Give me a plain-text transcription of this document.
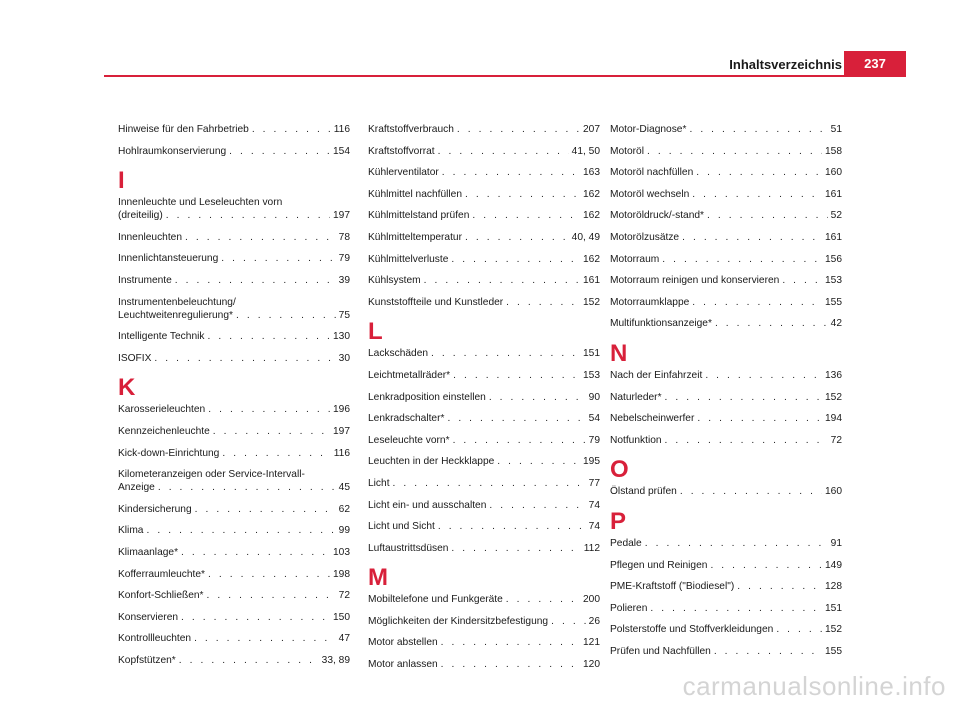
Inhaltsverzeichnis	237
Hinweise für den Fahrbetrieb . . .	116
Hohlraumkonservierung . . .	154
I
Innenleuchte und Leseleuchten vorn
(dreiteilig) . . .	197
Innenleuchten . . .	78
Innenlichtansteuerung . . .	79
Instrumente . . .	39
Instrumentenbeleuchtung/
Leuchtweitenregulierung* . . .	75
Intelligente Technik . . .	130
ISOFIX . . .	30
K
Karosserieleuchten . . .	196
Kennzeichenleuchte . . .	197
Kick-down-Einrichtung . . .	116
Kilometeranzeigen oder Service-Intervall-
Anzeige . . .	45
Kindersicherung . . .	62
Klima . . .	99
Klimaanlage* . . .	103
Kofferraumleuchte* . . .	198
Konfort-Schließen* . . .	72
Konservieren . . .	150
Kontrollleuchten . . .	47
Kopfstützen* . . .	33, 89
Kraftstoffverbrauch . . .	207
Kraftstoffvorrat . . .	41, 50
Kühlerventilator . . .	163
Kühlmittel nachfüllen . . .	162
Kühlmittelstand prüfen . . .	162
Kühlmitteltemperatur . . .	40, 49
Kühlmittelverluste . . .	162
Kühlsystem . . .	161
Kunststoffteile und Kunstleder . . .	152
L
Lackschäden . . .	151
Leichtmetallräder* . . .	153
Lenkradposition einstellen . . .	90
Lenkradschalter* . . .	54
Leseleuchte vorn* . . .	79
Leuchten in der Heckklappe . . .	195
Licht . . .	77
Licht ein- und ausschalten . . .	74
Licht und Sicht . . .	74
Luftaustrittsdüsen . . .	112
M
Mobiltelefone und Funkgeräte . . .	200
Möglichkeiten der Kindersitzbefestigung . . .	26
Motor abstellen . . .	121
Motor anlassen . . .	120
Motor-Diagnose* . . .	51
Motoröl . . .	158
Motoröl nachfüllen . . .	160
Motoröl wechseln . . .	161
Motoröldruck/-stand* . . .	52
Motorölzusätze . . .	161
Motorraum . . .	156
Motorraum reinigen und konservieren . . .	153
Motorraumklappe . . .	155
Multifunktionsanzeige* . . .	42
N
Nach der Einfahrzeit . . .	136
Naturleder* . . .	152
Nebelscheinwerfer . . .	194
Notfunktion . . .	72
O
Ölstand prüfen . . .	160
P
Pedale . . .	91
Pflegen und Reinigen . . .	149
PME-Kraftstoff ("Biodiesel") . . .	128
Polieren . . .	151
Polsterstoffe und Stoffverkleidungen . . .	152
Prüfen und Nachfüllen . . .	155
carmanualsonline.info
